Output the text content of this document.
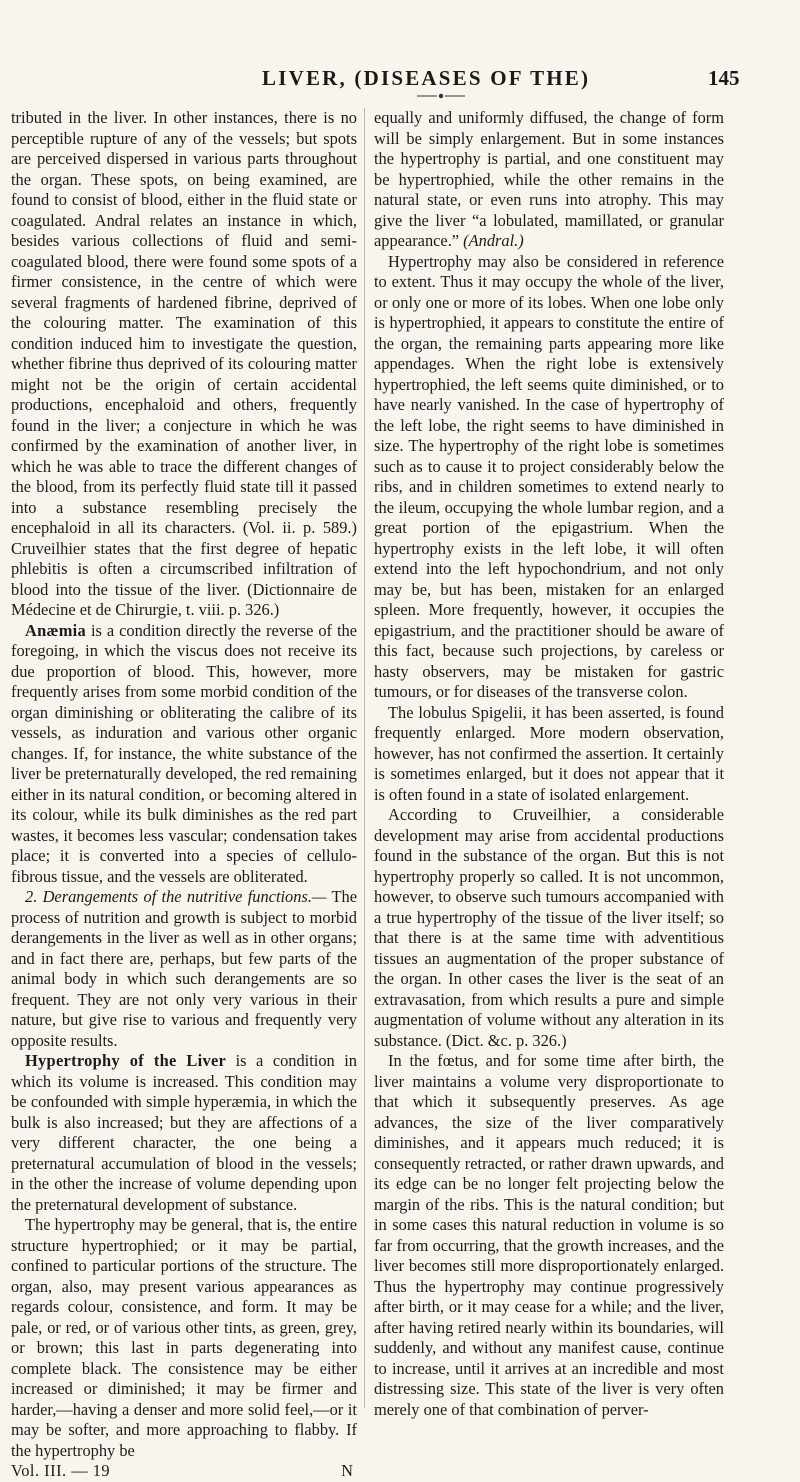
LIVER, (DISEASES OF THE)	145

tributed in the liver. In other instances, there is no perceptible rupture of any of the vessels; but spots are perceived dispersed in various parts throughout the organ. These spots, on being examined, are found to consist of blood, either in the fluid state or coagulated. Andral relates an instance in which, besides various collections of fluid and semi-coagulated blood, there were found some spots of a firmer consistence, in the centre of which were several fragments of hardened fibrine, deprived of the colouring matter. The examination of this condition induced him to investigate the question, whether fibrine thus deprived of its colouring matter might not be the origin of certain accidental productions, encephaloid and others, frequently found in the liver; a conjecture in which he was confirmed by the examination of another liver, in which he was able to trace the different changes of the blood, from its perfectly fluid state till it passed into a substance resembling precisely the encephaloid in all its characters. (Vol. ii. p. 589.) Cruveilhier states that the first degree of hepatic phlebitis is often a circumscribed infiltration of blood into the tissue of the liver. (Dictionnaire de Médecine et de Chirurgie, t. viii. p. 326.)

Anæmia is a condition directly the reverse of the foregoing, in which the viscus does not receive its due proportion of blood. This, however, more frequently arises from some morbid condition of the organ diminishing or obliterating the calibre of its vessels, as induration and various other organic changes. If, for instance, the white substance of the liver be preternaturally developed, the red remaining either in its natural condition, or becoming altered in its colour, while its bulk diminishes as the red part wastes, it becomes less vascular; condensation takes place; it is converted into a species of cellulo-fibrous tissue, and the vessels are obliterated.

2. Derangements of the nutritive functions.— The process of nutrition and growth is subject to morbid derangements in the liver as well as in other organs; and in fact there are, perhaps, but few parts of the animal body in which such derangements are so frequent. They are not only very various in their nature, but give rise to various and frequently very opposite results.

Hypertrophy of the Liver is a condition in which its volume is increased. This condition may be confounded with simple hyperæmia, in which the bulk is also increased; but they are affections of a very different character, the one being a preternatural accumulation of blood in the vessels; in the other the increase of volume depending upon the preternatural development of substance.

The hypertrophy may be general, that is, the entire structure hypertrophied; or it may be partial, confined to particular portions of the structure. The organ, also, may present various appearances as regards colour, consistence, and form. It may be pale, or red, or of various other tints, as green, grey, or brown; this last in parts degenerating into complete black. The consistence may be either increased or diminished; it may be firmer and harder,—having a denser and more solid feel,—or it may be softer, and more approaching to flabby. If the hypertrophy be

Vol. III. — 19	N

equally and uniformly diffused, the change of form will be simply enlargement. But in some instances the hypertrophy is partial, and one constituent may be hypertrophied, while the other remains in the natural state, or even runs into atrophy. This may give the liver “a lobulated, mamillated, or granular appearance.” (Andral.)

Hypertrophy may also be considered in reference to extent. Thus it may occupy the whole of the liver, or only one or more of its lobes. When one lobe only is hypertrophied, it appears to constitute the entire of the organ, the remaining parts appearing more like appendages. When the right lobe is extensively hypertrophied, the left seems quite diminished, or to have nearly vanished. In the case of hypertrophy of the left lobe, the right seems to have diminished in size. The hypertrophy of the right lobe is sometimes such as to cause it to project considerably below the ribs, and in children sometimes to extend nearly to the ileum, occupying the whole lumbar region, and a great portion of the epigastrium. When the hypertrophy exists in the left lobe, it will often extend into the left hypochondrium, and not only may be, but has been, mistaken for an enlarged spleen. More frequently, however, it occupies the epigastrium, and the practitioner should be aware of this fact, because such projections, by careless or hasty observers, may be mistaken for gastric tumours, or for diseases of the transverse colon.

The lobulus Spigelii, it has been asserted, is found frequently enlarged. More modern observation, however, has not confirmed the assertion. It certainly is sometimes enlarged, but it does not appear that it is often found in a state of isolated enlargement.

According to Cruveilhier, a considerable development may arise from accidental productions found in the substance of the organ. But this is not hypertrophy properly so called. It is not uncommon, however, to observe such tumours accompanied with a true hypertrophy of the tissue of the liver itself; so that there is at the same time with adventitious tissues an augmentation of the proper substance of the organ. In other cases the liver is the seat of an extravasation, from which results a pure and simple augmentation of volume without any alteration in its substance. (Dict. &c. p. 326.)

In the fœtus, and for some time after birth, the liver maintains a volume very disproportionate to that which it subsequently preserves. As age advances, the size of the liver comparatively diminishes, and it appears much reduced; it is consequently retracted, or rather drawn upwards, and its edge can be no longer felt projecting below the margin of the ribs. This is the natural condition; but in some cases this natural reduction in volume is so far from occurring, that the growth increases, and the liver becomes still more disproportionately enlarged. Thus the hypertrophy may continue progressively after birth, or it may cease for a while; and the liver, after having retired nearly within its boundaries, will suddenly, and without any manifest cause, continue to increase, until it arrives at an incredible and most distressing size. This state of the liver is very often merely one of that combination of perver-
